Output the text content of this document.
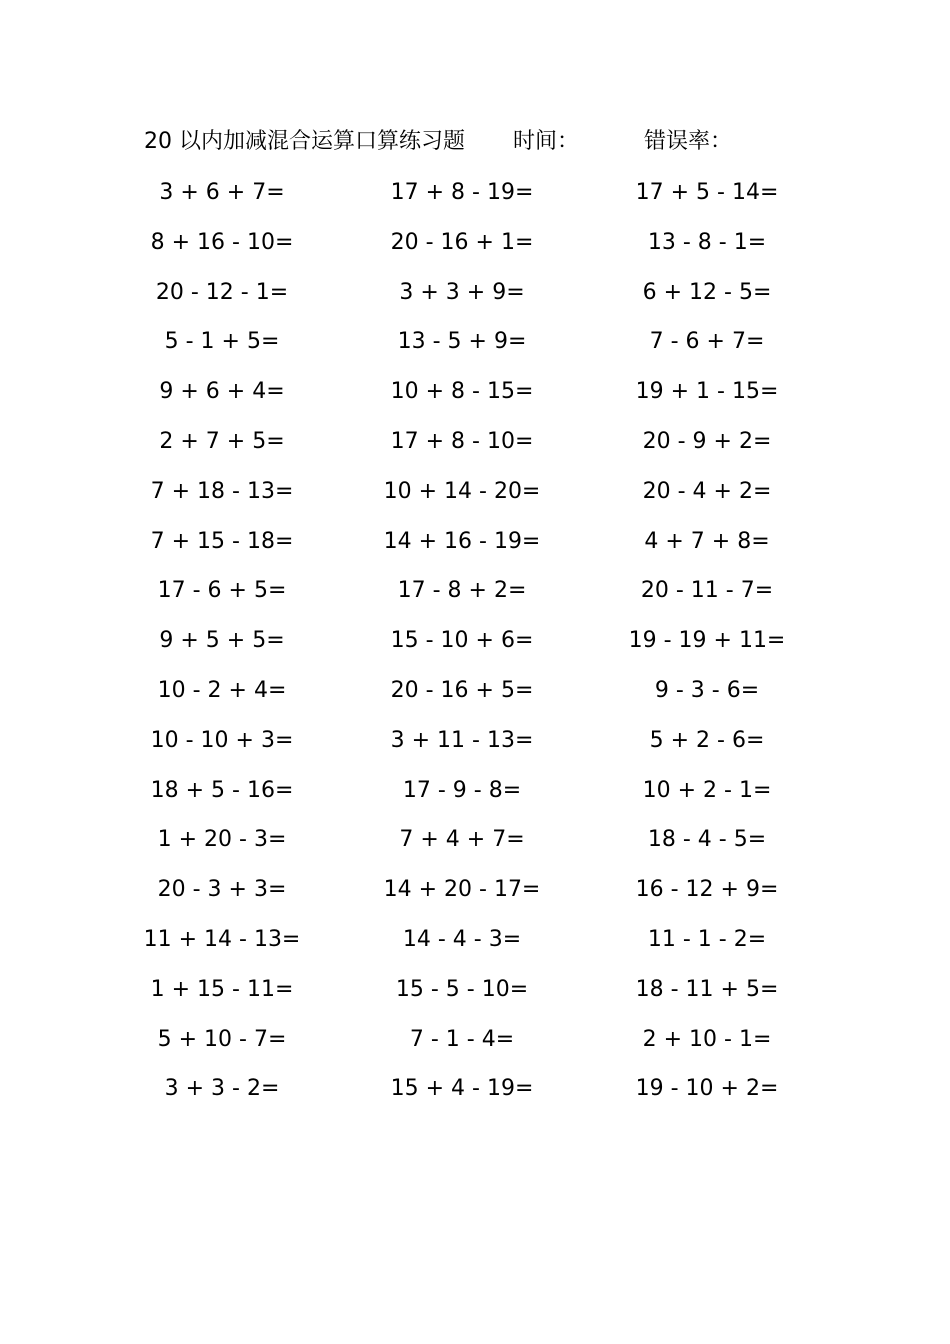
20 以内加减混合运算口算练习题 时间：	错误率：
3 + 6 + 7=	17 + 8 - 19=	17 + 5 - 14=
8 + 16 - 10=	20 - 16 + 1=	13 - 8 - 1=
20 - 12 - 1=	3 + 3 + 9=	6 + 12 - 5=
5 - 1 + 5=	13 - 5 + 9=	7 - 6 + 7=
9 + 6 + 4=	10 + 8 - 15=	19 + 1 - 15=
2 + 7 + 5=	17 + 8 - 10=	20 - 9 + 2=
7 + 18 - 13=	10 + 14 - 20=	20 - 4 + 2=
7 + 15 - 18=	14 + 16 - 19=	4 + 7 + 8=
17 - 6 + 5=	17 - 8 + 2=	20 - 11 - 7=
9 + 5 + 5=	15 - 10 + 6=	19 - 19 + 11=
10 - 2 + 4=	20 - 16 + 5=	9 - 3 - 6=
10 - 10 + 3=	3 + 11 - 13=	5 + 2 - 6=
18 + 5 - 16=	17 - 9 - 8=	10 + 2 - 1=
1 + 20 - 3=	7 + 4 + 7=	18 - 4 - 5=
20 - 3 + 3=	14 + 20 - 17=	16 - 12 + 9=
11 + 14 - 13=	14 - 4 - 3=	11 - 1 - 2=
1 + 15 - 11=	15 - 5 - 10=	18 - 11 + 5=
5 + 10 - 7=	7 - 1 - 4=	2 + 10 - 1=
3 + 3 - 2=	15 + 4 - 19=	19 - 10 + 2=
